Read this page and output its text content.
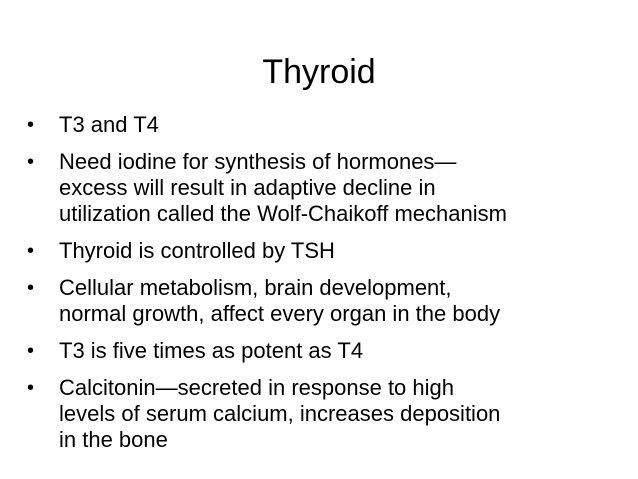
Thyroid
• T3 and T4
• Need iodine for synthesis of hormones—
excess will result in adaptive decline in
utilization called the Wolf-Chaikoff mechanism
• Thyroid is controlled by TSH
• Cellular metabolism, brain development,
normal growth, affect every organ in the body
• T3 is five times as potent as T4
• Calcitonin—secreted in response to high
levels of serum calcium, increases deposition
in the bone
